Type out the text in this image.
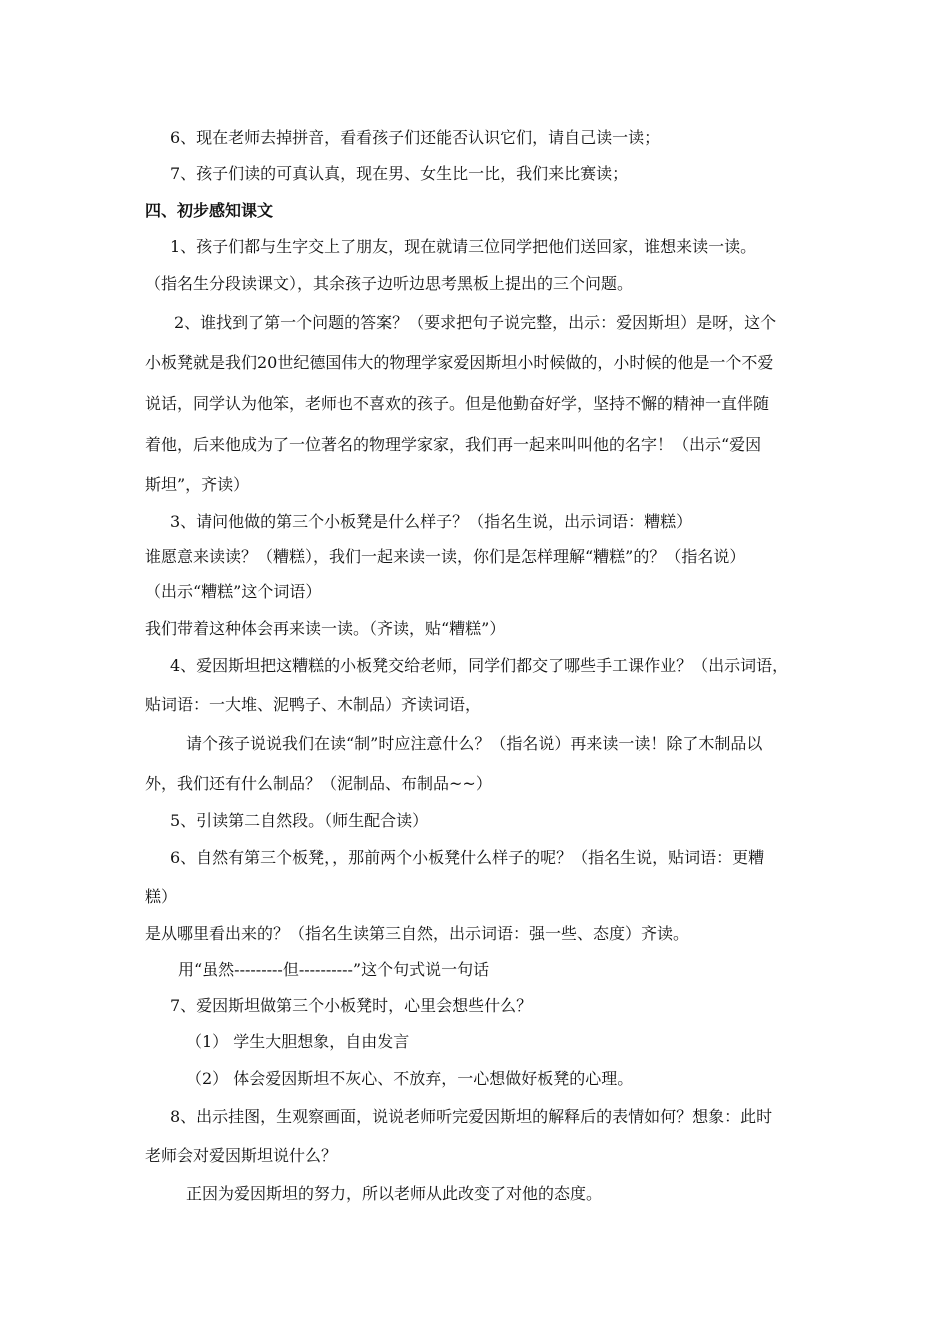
6、现在老师去掉拼音，看看孩子们还能否认识它们，请自己读一读；
7、孩子们读的可真认真，现在男、女生比一比，我们来比赛读；
四、初步感知课文
1、孩子们都与生字交上了朋友，现在就请三位同学把他们送回家，谁想来读一读。
（指名生分段读课文），其余孩子边听边思考黑板上提出的三个问题。
2、谁找到了第一个问题的答案？（要求把句子说完整，出示：爱因斯坦）是呀，这个
小板凳就是我们20世纪德国伟大的物理学家爱因斯坦小时候做的，小时候的他是一个不爱
说话，同学认为他笨，老师也不喜欢的孩子。但是他勤奋好学，坚持不懈的精神一直伴随
着他，后来他成为了一位著名的物理学家家，我们再一起来叫叫他的名字！（出示“爱因
斯坦”，齐读）
3、请问他做的第三个小板凳是什么样子？（指名生说，出示词语：糟糕）
谁愿意来读读？（糟糕），我们一起来读一读，你们是怎样理解“糟糕”的？（指名说）
（出示“糟糕”这个词语）
我们带着这种体会再来读一读。（齐读，贴“糟糕”）
4、爱因斯坦把这糟糕的小板凳交给老师，同学们都交了哪些手工课作业？（出示词语，
贴词语：一大堆、泥鸭子、木制品）齐读词语，
请个孩子说说我们在读“制”时应注意什么？（指名说）再来读一读！除了木制品以
外，我们还有什么制品？（泥制品、布制品~~）
5、引读第二自然段。（师生配合读）
6、自然有第三个板凳，，那前两个小板凳什么样子的呢？（指名生说，贴词语：更糟
糕）
是从哪里看出来的？（指名生读第三自然，出示词语：强一些、态度）齐读。
用“虽然---------但----------”这个句式说一句话
7、爱因斯坦做第三个小板凳时，心里会想些什么？
（1） 学生大胆想象，自由发言
（2） 体会爱因斯坦不灰心、不放弃，一心想做好板凳的心理。
8、出示挂图，生观察画面，说说老师听完爱因斯坦的解释后的表情如何？想象：此时
老师会对爱因斯坦说什么？
正因为爱因斯坦的努力，所以老师从此改变了对他的态度。
